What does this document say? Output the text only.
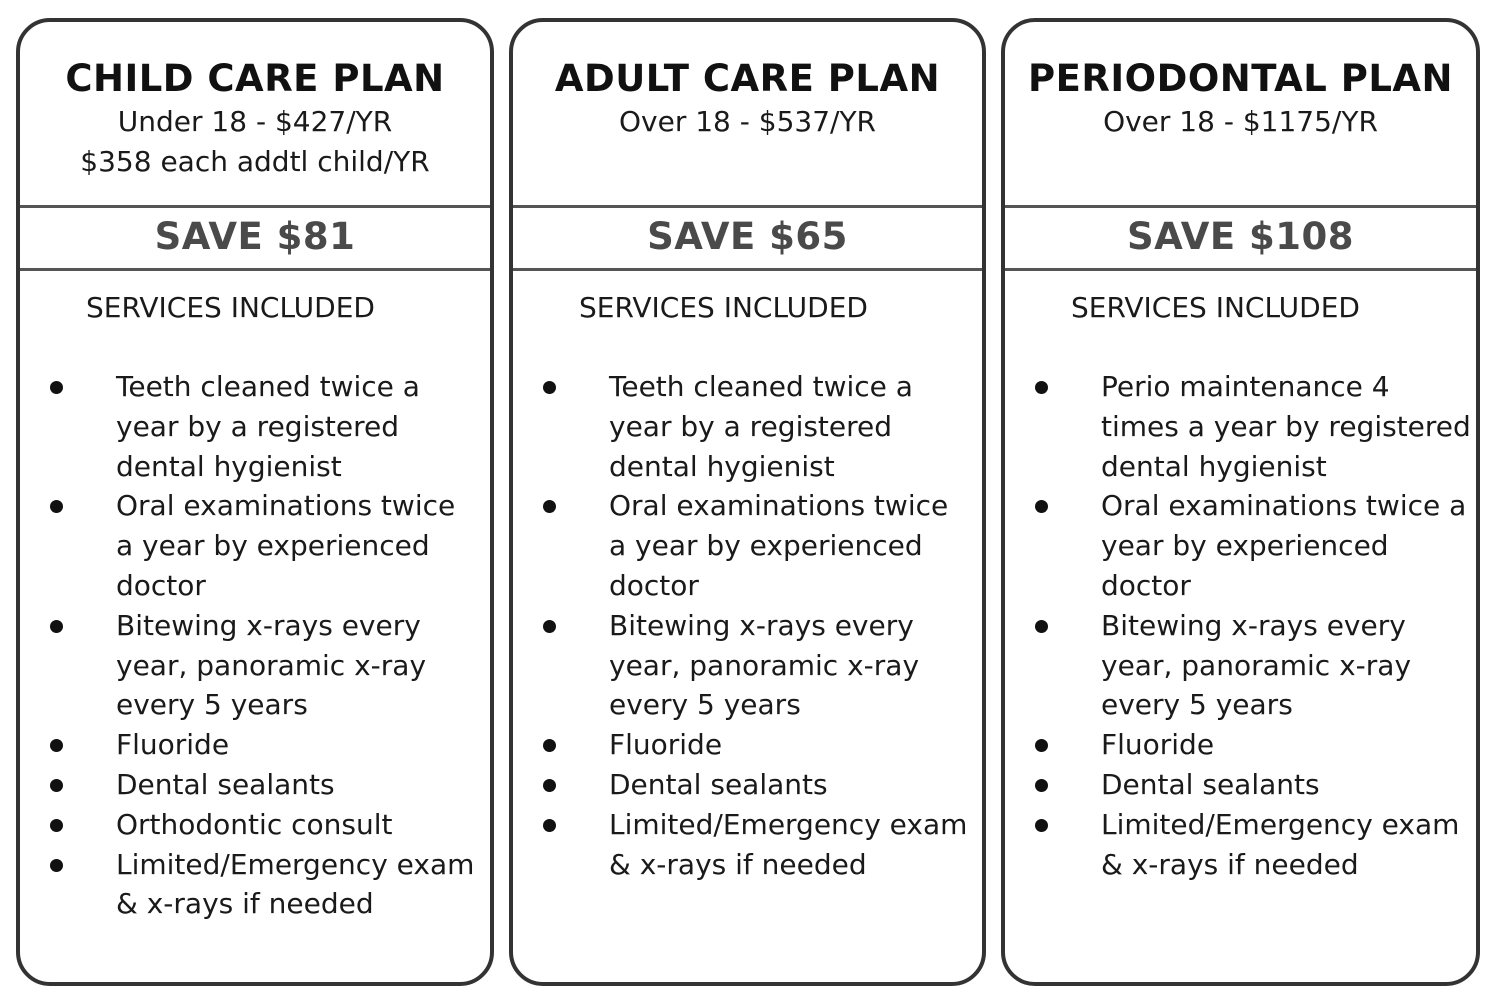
CHILD CARE PLAN
Under 18 - $427/YR
$358 each addtl child/YR
SAVE $81
SERVICES INCLUDED
Teeth cleaned twice a year by a registered dental hygienist
Oral examinations twice a year by experienced doctor
Bitewing x-rays every year, panoramic x-ray every 5 years
Fluoride
Dental sealants
Orthodontic consult
Limited/Emergency exam & x-rays if needed
ADULT CARE PLAN
Over 18 - $537/YR
SAVE $65
SERVICES INCLUDED
Teeth cleaned twice a year by a registered dental hygienist
Oral examinations twice a year by experienced doctor
Bitewing x-rays every year, panoramic x-ray every 5 years
Fluoride
Dental sealants
Limited/Emergency exam & x-rays if needed
PERIODONTAL PLAN
Over 18 - $1175/YR
SAVE $108
SERVICES INCLUDED
Perio maintenance 4 times a year by registered dental hygienist
Oral examinations twice a year by experienced doctor
Bitewing x-rays every year, panoramic x-ray every 5 years
Fluoride
Dental sealants
Limited/Emergency exam & x-rays if needed
